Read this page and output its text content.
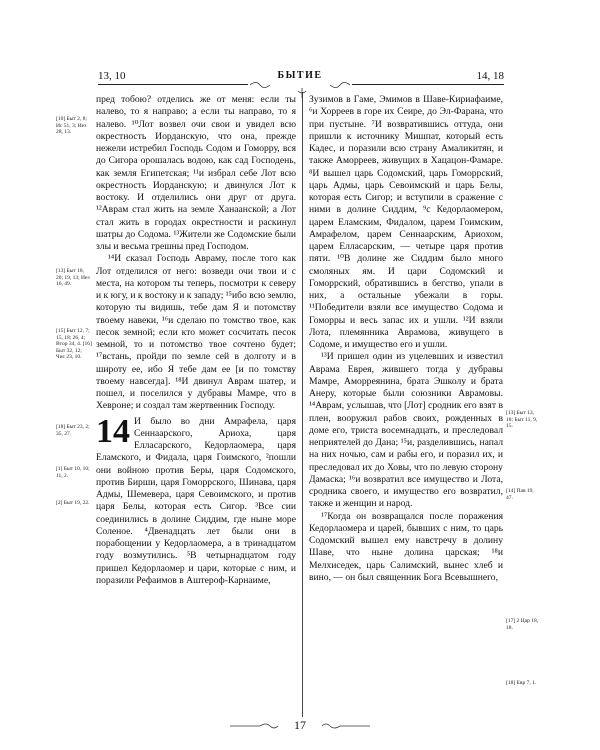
13, 10	БЫТИЕ	14, 18
[10] Быт 2, 8; Ис 51, 3; Иез 28, 13.
[13] Быт 18, 20; 19, 13; Иез 16, 49.
[15] Быт 12, 7; 15, 18; 26, 4; Втор 34, 4. [16] Быт 32, 12; Чис 23, 10.
[18] Быт 23, 2; 35, 27.
[1] Быт 10, 10; 11, 2.
[2] Быт 19, 22.
[13] Быт 13, 18; Быт 11, 9, 15.
[14] Пав 19, 47.
[17] 2 Цар 18, 18.
[18] Евр 7, 1.

пред тобою? отделись же от меня: если ты налево, то я направо; а если ты направо, то я налево. ¹⁰Лот возвел очи свои и увидел всю окрестность Иорданскую, что она, прежде нежели истребил Господь Содом и Гоморру, вся до Сигора орошалась водою, как сад Господень, как земля Египетская; ¹¹и избрал себе Лот всю окрестность Иорданскую; и двинулся Лот к востоку. И отделились они друг от друга. ¹²Аврам стал жить на земле Ханаанской; а Лот стал жить в городах окрестности и раскинул шатры до Содома. ¹³Жители же Содомские были злы и весьма грешны пред Господом.

¹⁴И сказал Господь Авраму, после того как Лот отделился от него: возведи очи твои и с места, на котором ты теперь, посмотри к северу и к югу, и к востоку и к западу; ¹⁵ибо всю землю, которую ты видишь, тебе дам Я и потомству твоему навеки, ¹⁶и сделаю по томство твое, как песок земной; если кто может сосчитать песок земной, то и потомство твое сочтено будет; ¹⁷встань, пройди по земле сей в долготу и в широту ее, ибо Я тебе дам ее [и по томству твоему навсегда]. ¹⁸И двинул Аврам шатер, и пошел, и поселился у дубравы Мамре, что в Хевроне; и создал там жертвенник Господу.

14 И было во дни Амрафела, царя Сеннаарского, Ариоха, царя Елласарского, Кедорлаомера, царя Еламского, и Фидала, царя Гоимского, ²пошли они войною против Беры, царя Содомского, против Бирши, царя Гоморрского, Шинава, царя Адмы, Шемевера, царя Севоимского, и против царя Белы, которая есть Сигор. ³Все сии соединились в долине Сиддим, где ныне море Соленое. ⁴Двенадцать лет были они в порабощении у Кедорлаомера, а в тринадцатом году возмутились. ⁵В четырнадцатом году пришел Кедорлаомер и цари, которые с ним, и поразили Рефаимов в Аштероф-Карнаиме,

Зузимов в Гаме, Эмимов в Шаве-Кириафаиме, ⁶и Хорреев в горе их Сеире, до Эл-Фарана, что при пустыне. ⁷И возвратившись оттуда, они пришли к источнику Мишпат, который есть Кадес, и поразили всю страну Амаликитян, и также Аморреев, живущих в Хацацон-Фамаре. ⁸И вышел царь Содомский, царь Гоморрский, царь Адмы, царь Севоимский и царь Белы, которая есть Сигор; и вступили в сражение с ними в долине Сиддим, ⁹с Кедорлаомером, царем Еламским, Фидалом, царем Гоимским, Амрафелом, царем Сеннаарским, Ариохом, царем Елласарским, — четыре царя против пяти. ¹⁰В долине же Сиддим было много смоляных ям. И цари Содомский и Гоморрский, обратившись в бегство, упали в них, а остальные убежали в горы. ¹¹Победители взяли все имущество Содома и Гоморры и весь запас их и ушли. ¹²И взяли Лота, племянника Аврамова, живущего в Содоме, и имущество его и ушли.

¹³И пришел один из уцелевших и известил Аврама Еврея, жившего тогда у дубравы Мамре, Аморреянина, брата Эшколу и брата Анеру, которые были союзники Аврамовы. ¹⁴Аврам, услышав, что [Лот] сродник его взят в плен, вооружил рабов своих, рожденных в доме его, триста восемнадцать, и преследовал неприятелей до Дана; ¹⁵и, разделившись, напал на них ночью, сам и рабы его, и поразил их, и преследовал их до Ховы, что по левую сторону Дамаска; ¹⁶и возвратил все имущество и Лота, сродника своего, и имущество его возвратил, также и женщин и народ.

¹⁷Когда он возвращался после поражения Кедорлаомера и царей, бывших с ним, то царь Содомский вышел ему навстречу в долину Шаве, что ныне долина царская; ¹⁸и Мелхиседек, царь Салимский, вынес хлеб и вино, — он был священник Бога Всевышнего,

17
